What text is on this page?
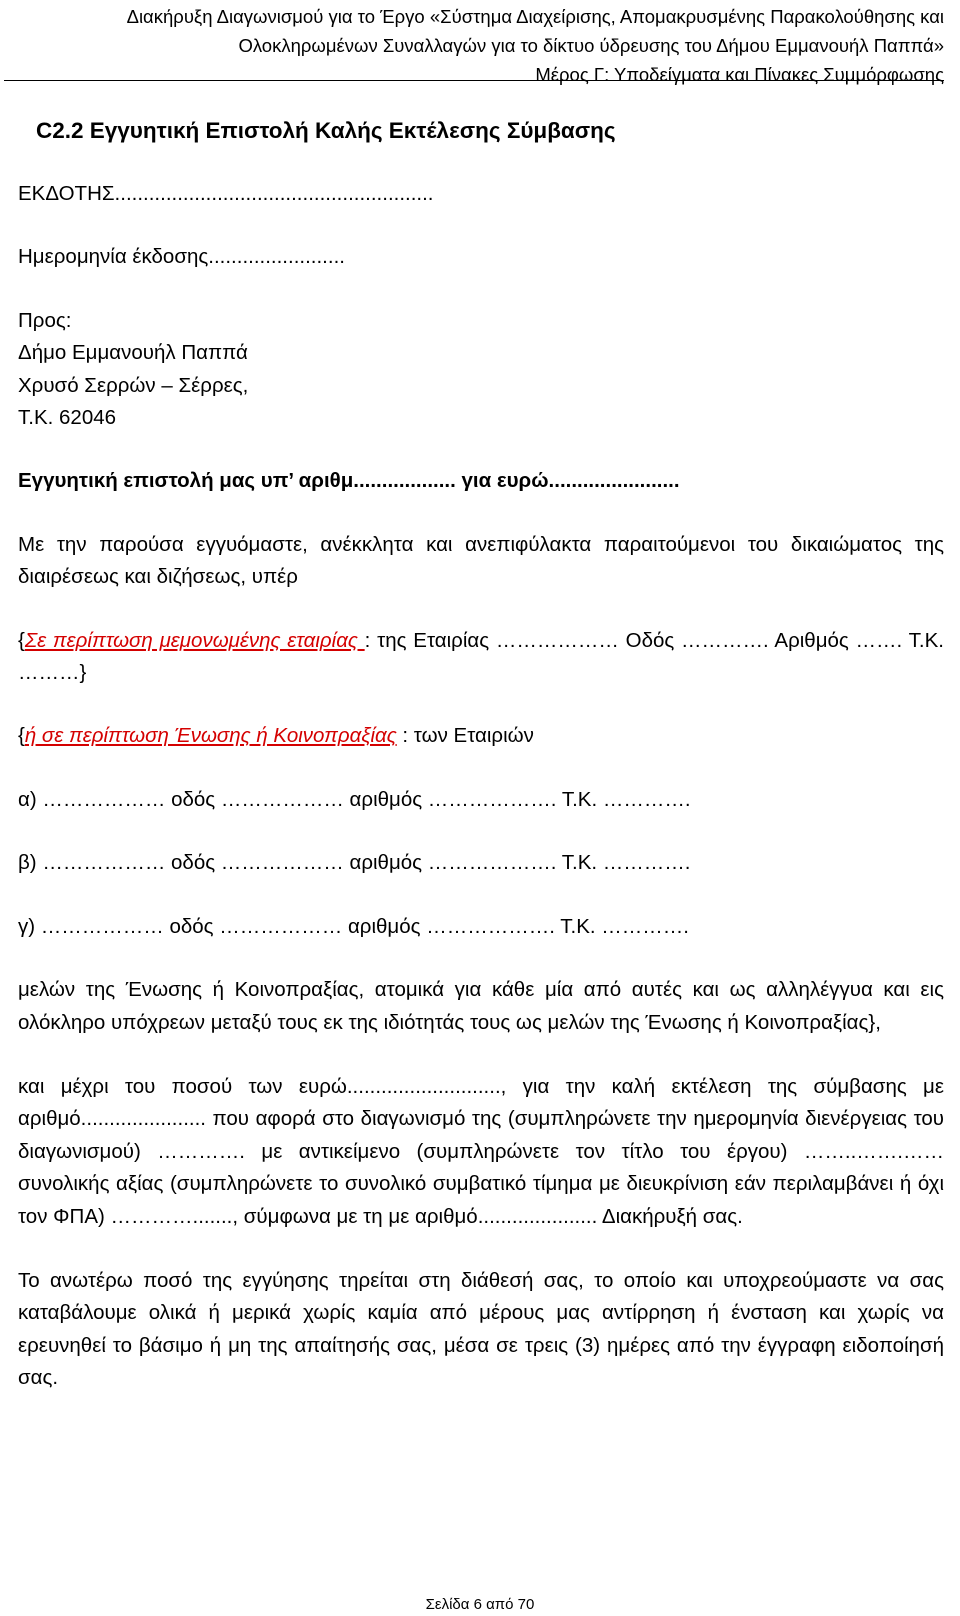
Διακήρυξη Διαγωνισμού για το Έργο «Σύστημα Διαχείρισης, Απομακρυσμένης Παρακολούθησης και
Ολοκληρωμένων Συναλλαγών για το δίκτυο ύδρευσης του Δήμου Εμμανουήλ Παππά»
Μέρος Γ: Υποδείγματα και Πίνακες Συμμόρφωσης
C2.2 Εγγυητική Επιστολή Καλής Εκτέλεσης Σύμβασης

ΕΚΔΟΤΗΣ........................................................

Ημερομηνία έκδοσης........................

Προς:

Δήμο Εμμανουήλ Παππά

Χρυσό Σερρών – Σέρρες,

Τ.Κ. 62046

Εγγυητική επιστολή μας υπ’ αριθμ.................. για ευρώ.......................

Με την παρούσα εγγυόμαστε, ανέκκλητα και ανεπιφύλακτα παραιτούμενοι του δικαιώματος της διαιρέσεως και διζήσεως, υπέρ

{Σε περίπτωση μεμονωμένης εταιρίας : της Εταιρίας ……………… Οδός …………. Αριθμός ……. Τ.Κ. ………}

{ή σε περίπτωση Ένωσης ή Κοινοπραξίας : των Εταιριών

α) ……………… οδός ……………… αριθμός ………………. Τ.Κ. ………….

β) ……………… οδός ……………… αριθμός ………………. Τ.Κ. ………….

γ) ……………… οδός ……………… αριθμός ………………. Τ.Κ. ………….

μελών της Ένωσης ή Κοινοπραξίας, ατομικά για κάθε μία από αυτές και ως αλληλέγγυα και εις ολόκληρο υπόχρεων μεταξύ τους εκ της ιδιότητάς τους ως μελών της Ένωσης ή Κοινοπραξίας},

και μέχρι του ποσού των ευρώ..........................., για την καλή εκτέλεση της σύμβασης με αριθμό...................... που αφορά στο διαγωνισμό της (συμπληρώνετε την ημερομηνία διενέργειας του διαγωνισμού) …………. με αντικείμενο (συμπληρώνετε τον τίτλο του έργου) ……..…….…… συνολικής αξίας (συμπληρώνετε το συνολικό συμβατικό τίμημα με διευκρίνιση εάν περιλαμβάνει ή όχι τον ΦΠΑ) …………......., σύμφωνα με τη με αριθμό..................... Διακήρυξή σας.

Το ανωτέρω ποσό της εγγύησης τηρείται στη διάθεσή σας, το οποίο και υποχρεούμαστε να σας καταβάλουμε ολικά ή μερικά χωρίς καμία από μέρους μας αντίρρηση ή ένσταση και χωρίς να ερευνηθεί το βάσιμο ή μη της απαίτησής σας, μέσα σε τρεις (3) ημέρες από την έγγραφη ειδοποίησή σας.

Σελίδα 6 από 70
